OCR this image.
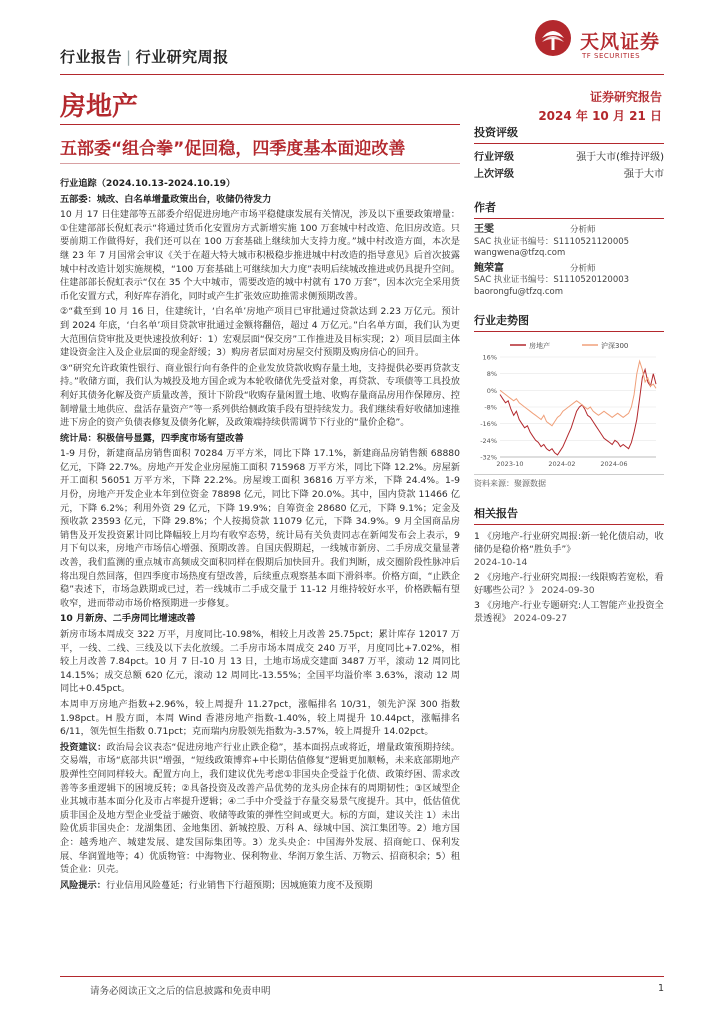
行业报告 | 行业研究周报
天风证券
TF SECURITIES
房地产	证券研究报告
2024 年 10 月 21 日
五部委“组合拳”促回稳，四季度基本面迎改善

行业追踪（2024.10.13-2024.10.19）

五部委：城改、白名单增量政策出台，收储仍待发力

10 月 17 日住建部等五部委介绍促进房地产市场平稳健康发展有关情况，涉及以下重要政策增量：①住建部部长倪虹表示“将通过货币化安置房方式新增实施 100 万套城中村改造、危旧房改造。只要前期工作做得好，我们还可以在 100 万套基础上继续加大支持力度。”城中村改造方面，本次是继 23 年 7 月国常会审议《关于在超大特大城市积极稳步推进城中村改造的指导意见》后首次披露城中村改造计划实施规模，“100 万套基础上可继续加大力度”表明后续城改推进或仍具提升空间。住建部部长倪虹表示“仅在 35 个大中城市，需要改造的城中村就有 170 万套”，因本次完全采用货币化安置方式，利好库存消化，同时或产生扩张效应助推需求侧预期改善。

②“截至到 10 月 16 日，住建统计，‘白名单’房地产项目已审批通过贷款达到 2.23 万亿元。预计到 2024 年底，‘白名单’项目贷款审批通过金额将翻倍，超过 4 万亿元。”白名单方面，我们认为更大范围信贷审批及更快速投放利好：1）宏观层面“保交房”工作推进及目标实现；2）项目层面主体建设资金注入及企业层面的现金舒缓；3）购房者层面对房屋交付预期及购房信心的回升。

③“研究允许政策性银行、商业银行向有条件的企业发放贷款收购存量土地，支持提供必要再贷款支持。”收储方面，我们认为城投及地方国企或为本轮收储优先受益对象，再贷款、专项债等工具投放利好其债务化解及资产质量改善，预计下阶段“收购存量闲置土地、收购存量商品房用作保障房、控制增量土地供应、盘活存量资产”等一系列供给侧政策手段有望持续发力。我们继续看好收储加速推进下房企的资产负债表修复及债务化解，及政策端持续供需调节下行业的“量价企稳”。

统计局：积极信号显露，四季度市场有望改善

1-9 月份，新建商品房销售面积 70284 万平方米，同比下降 17.1%，新建商品房销售额 68880 亿元，下降 22.7%。房地产开发企业房屋施工面积 715968 万平方米，同比下降 12.2%。房屋新开工面积 56051 万平方米，下降 22.2%。房屋竣工面积 36816 万平方米，下降 24.4%。1-9 月份，房地产开发企业本年到位资金 78898 亿元，同比下降 20.0%。其中，国内贷款 11466 亿元，下降 6.2%；利用外资 29 亿元，下降 19.9%；自筹资金 28680 亿元，下降 9.1%；定金及预收款 23593 亿元，下降 29.8%；个人按揭贷款 11079 亿元，下降 34.9%。9 月全国商品房销售及开发投资累计同比降幅较上月均有收窄态势，统计局有关负责同志在新闻发布会上表示，9 月下旬以来，房地产市场信心增强、预期改善。自国庆假期起，一线城市新房、二手房成交量显著改善，我们监测的重点城市高频成交面积同样在假期后加快回升。我们判断，成交圈阶段性脉冲后将出现自然回落，但四季度市场热度有望改善，后续重点观察基本面下滑斜率。价格方面，“止跌企稳”表述下，市场急跌期或已过，若一线城市二手成交量于 11-12 月维持较好水平，价格跌幅有望收窄，进而带动市场价格预期进一步修复。

10 月新房、二手房同比增速改善

新房市场本周成交 322 万平，月度同比-10.98%，相较上月改善 25.75pct；累计库存 12017 万平，一线、二线、三线及以下去化放缓。二手房市场本周成交 240 万平，月度同比+7.02%，相较上月改善 7.84pct。10 月 7 日-10 月 13 日，土地市场成交建面 3487 万平，滚动 12 周同比 14.15%；成交总额 620 亿元，滚动 12 周同比-13.55%；全国平均溢价率 3.63%，滚动 12 周同比+0.45pct。

本周申万房地产指数+2.96%，较上周提升 11.27pct，涨幅排名 10/31，领先沪深 300 指数 1.98pct。H 股方面，本周 Wind 香港房地产指数-1.40%，较上周提升 10.44pct，涨幅排名 6/11，领先恒生指数 0.71pct；克而瑞内房股领先指数为-3.57%，较上周提升 14.02pct。

投资建议：政治局会议表态“促进房地产行业止跌企稳”，基本面拐点或将近，增量政策预期持续。交易端，市场“底部共识”增强，“短线政策博弈+中长期估值修复”逻辑更加顺畅，未来底部期地产股弹性空间同样较大。配置方向上，我们建议优先考虑①非国央企受益于化债、政策纾困、需求改善等多重逻辑下的困境反转；②具备投资及改善产品优势的龙头房企抹有的周期韧性；③区域型企业其城市基本面分化及市占率提升逻辑；④二手中介受益于存量交易景气度提升。其中，低估值优质非国企及地方型企业受益于融资、收储等政策的弹性空间或更大。标的方面，建议关注 1）未出险优质非国央企：龙湖集团、金地集团、新城控股、万科 A、绿城中国、滨江集团等。2）地方国企：越秀地产、城建发展、建发国际集团等。3）龙头央企：中国海外发展、招商蛇口、保利发展、华润置地等；4）优质物管：中海物业、保利物业、华润万象生活、万物云、招商积余；5）租赁企业：贝壳。

风险提示：行业信用风险蔓延；行业销售下行超预期；因城施策力度不及预期

投资评级
行业评级	强于大市(维持评级)
上次评级	强于大市
作者
王雯	分析师
SAC 执业证书编号：S1110521120005
wangwena@tfzq.com
鲍荣富	分析师
SAC 执业证书编号：S1110520120003
baorongfu@tfzq.com
行业走势图
房地产	沪深300
16%
8%
0%
-8%
-16%
-24%
-32%
2023-10	2024-02	2024-06
资料来源：聚源数据
相关报告

1 《房地产-行业研究周报:新一轮化债启动，收储仍是稳价格“胜负手”》
2024-10-14

2 《房地产-行业研究周报:一线限购若宽松，看好哪些公司？》 2024-09-30

3 《房地产-行业专题研究:人工智能产业投资全景透视》 2024-09-27

请务必阅读正文之后的信息披露和免责申明	1
